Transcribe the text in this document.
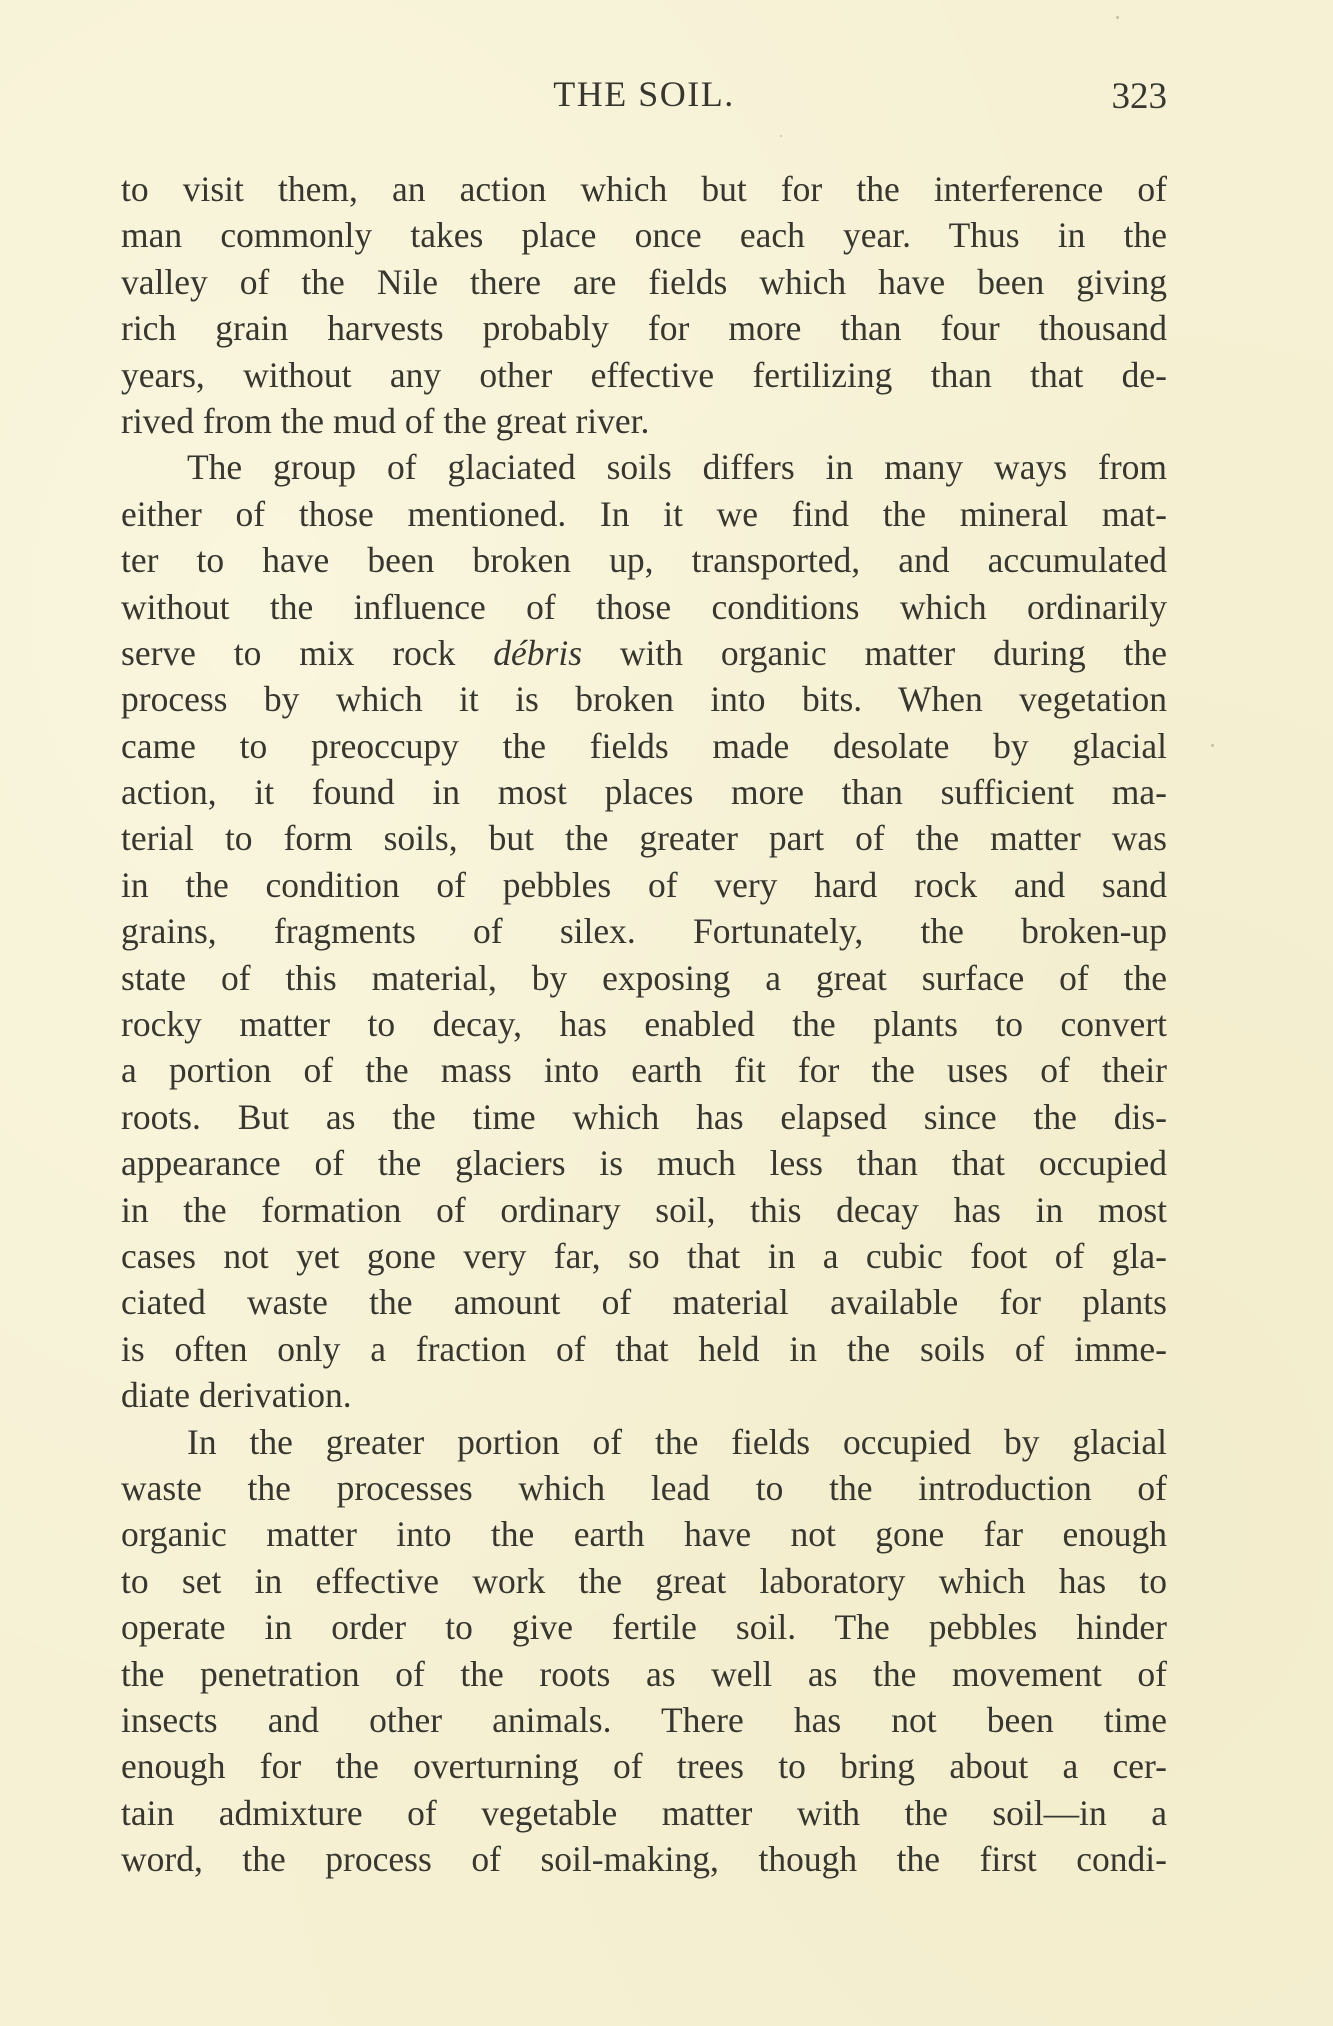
THE SOIL.	323
to visit them, an action which but for the interference of
man commonly takes place once each year. Thus in the
valley of the Nile there are fields which have been giving
rich grain harvests probably for more than four thousand
years, without any other effective fertilizing than that de-
rived from the mud of the great river.
The group of glaciated soils differs in many ways from
either of those mentioned. In it we find the mineral mat-
ter to have been broken up, transported, and accumulated
without the influence of those conditions which ordinarily
serve to mix rock débris with organic matter during the
process by which it is broken into bits. When vegetation
came to preoccupy the fields made desolate by glacial
action, it found in most places more than sufficient ma-
terial to form soils, but the greater part of the matter was
in the condition of pebbles of very hard rock and sand
grains, fragments of silex. Fortunately, the broken-up
state of this material, by exposing a great surface of the
rocky matter to decay, has enabled the plants to convert
a portion of the mass into earth fit for the uses of their
roots. But as the time which has elapsed since the dis-
appearance of the glaciers is much less than that occupied
in the formation of ordinary soil, this decay has in most
cases not yet gone very far, so that in a cubic foot of gla-
ciated waste the amount of material available for plants
is often only a fraction of that held in the soils of imme-
diate derivation.
In the greater portion of the fields occupied by glacial
waste the processes which lead to the introduction of
organic matter into the earth have not gone far enough
to set in effective work the great laboratory which has to
operate in order to give fertile soil. The pebbles hinder
the penetration of the roots as well as the movement of
insects and other animals. There has not been time
enough for the overturning of trees to bring about a cer-
tain admixture of vegetable matter with the soil—in a
word, the process of soil-making, though the first condi-
